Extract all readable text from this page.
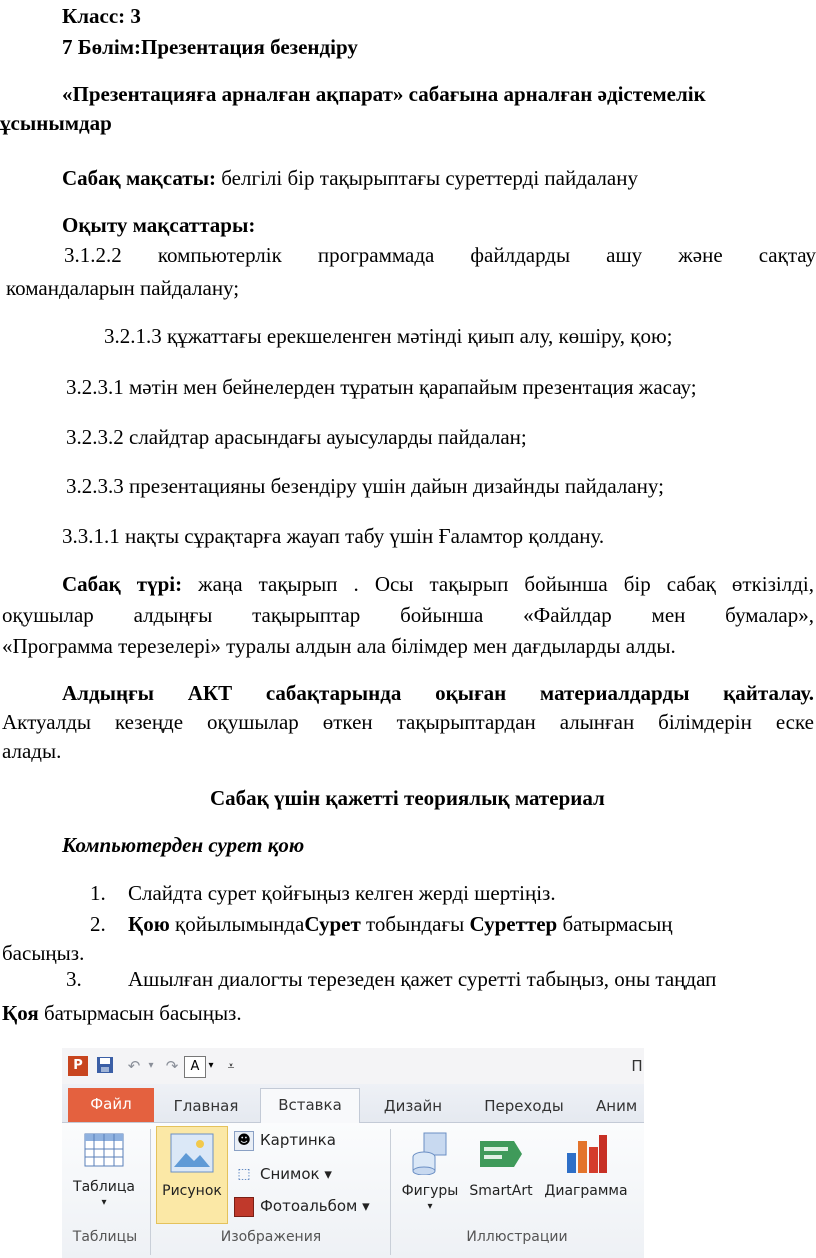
Класс: 3
7 Бөлім:Презентация безендіру
«Презентацияға арналған ақпарат» сабағына арналған әдістемелік
ұсынымдар
Сабақ мақсаты: белгілі бір тақырыптағы суреттерді пайдалану
Оқыту мақсаттары:
3.1.2.2 компьютерлік программада файлдарды ашу және сақтау
командаларын пайдалану;
3.2.1.3 құжаттағы ерекшеленген мәтінді қиып алу, көшіру, қою;
3.2.3.1 мәтін мен бейнелерден тұратын қарапайым презентация жасау;
3.2.3.2 слайдтар арасындағы ауысуларды пайдалан;
3.2.3.3 презентацияны безендіру үшін дайын дизайнды пайдалану;
3.3.1.1 нақты сұрақтарға жауап табу үшін Ғаламтор қолдану.
Сабақ түрі: жаңа тақырып . Осы тақырып бойынша бір сабақ өткізілді,
оқушылар алдыңғы тақырыптар бойынша «Файлдар мен бумалар»,
«Программа терезелері» туралы алдын ала білімдер мен дағдыларды алды.
Алдыңғы АКТ сабақтарында оқыған материалдарды қайталау.
Актуалды кезеңде оқушылар өткен тақырыптардан алынған білімдерін еске
алады.
Сабақ үшін қажетті теориялық материал
Компьютерден сурет қою
1. Слайдта сурет қойғыңыз келген жерді шертіңіз.
2. Қою қойылымындаСурет тобындағы Суреттер батырмасың
басыңыз.
3. Ашылған диалогты терезеден қажет суретті табыңыз, оны таңдап
Қоя батырмасын басыңыз.
P	↶ ▾ ↷ A ▾	⩡	П
Файл	Главная	Вставка	Дизайн	Переходы	Аним
Таблица
▾
Таблицы
Рисунок
☻ Картинка
⬚ Снимок ▾
Фотоальбом ▾
Изображения
Фигуры
▾
SmartArt Диаграмма
Иллюстрации
